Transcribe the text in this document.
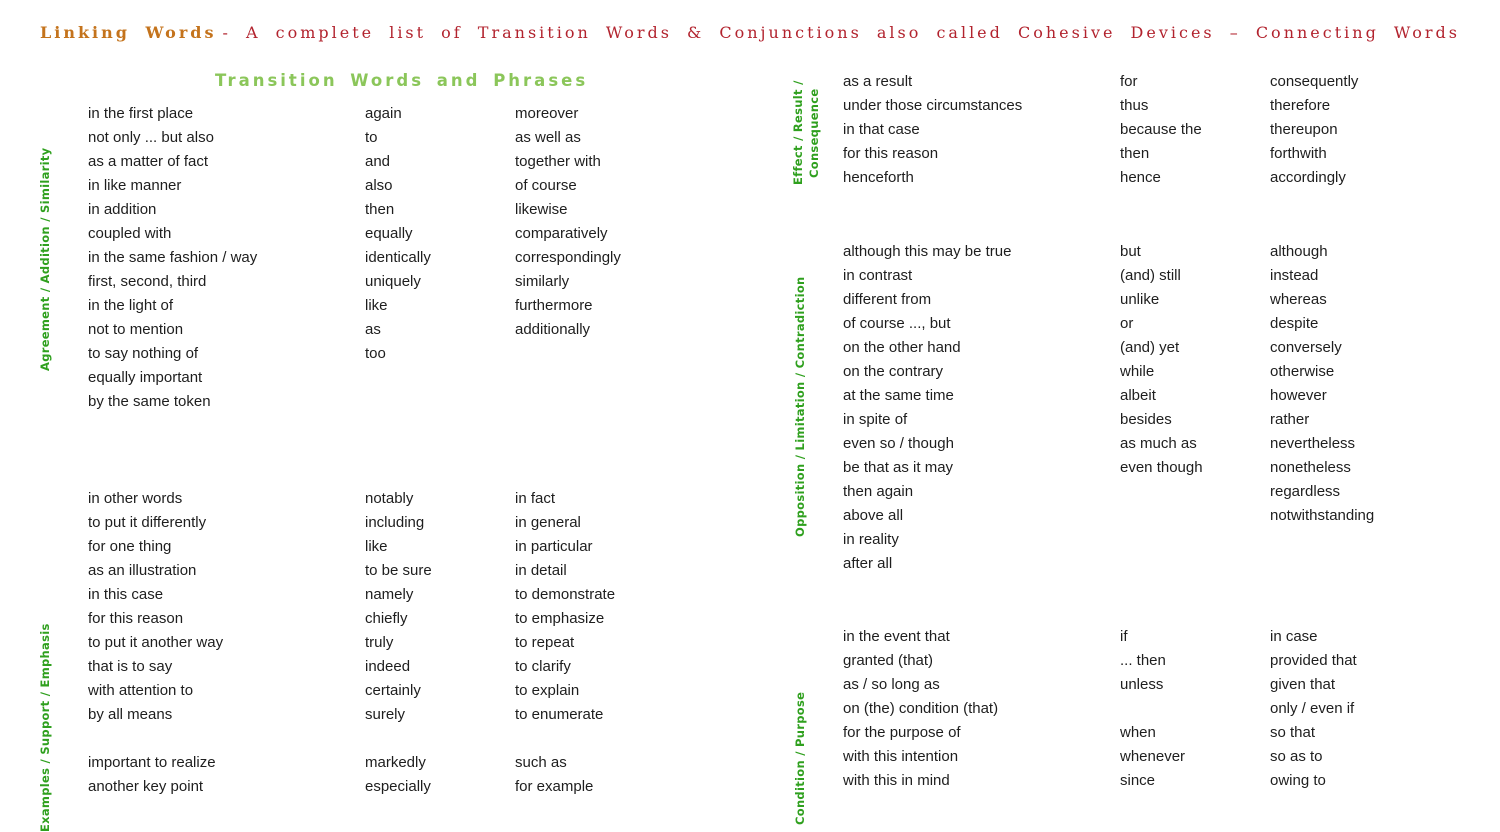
Linking Words - A complete list of Transition Words & Conjunctions also called Cohesive Devices – Connecting Words
Transition Words and Phrases
Agreement / Addition / Similarity
in the first place
not only ... but also
as a matter of fact
in like manner
in addition
coupled with
in the same fashion / way
first, second, third
in the light of
not to mention
to say nothing of
equally important
by the same token
again
to
and
also
then
equally
identically
uniquely
like
as
too
moreover
as well as
together with
of course
likewise
comparatively
correspondingly
similarly
furthermore
additionally
Examples / Support / Emphasis
in other words
to put it differently
for one thing
as an illustration
in this case
for this reason
to put it another way
that is to say
with attention to
by all means

important to realize
another key point
notably
including
like
to be sure
namely
chiefly
truly
indeed
certainly
surely

markedly
especially
in fact
in general
in particular
in detail
to demonstrate
to emphasize
to repeat
to clarify
to explain
to enumerate

such as
for example
Effect / Result / Consequence
as a result
under those circumstances
in that case
for this reason
henceforth
for
thus
because the
then
hence
consequently
therefore
thereupon
forthwith
accordingly
Opposition / Limitation / Contradiction
although this may be true
in contrast
different from
of course ..., but
on the other hand
on the contrary
at the same time
in spite of
even so / though
be that as it may
then again
above all
in reality
after all
but
(and) still
unlike
or
(and) yet
while
albeit
besides
as much as
even though
although
instead
whereas
despite
conversely
otherwise
however
rather
nevertheless
nonetheless
regardless
notwithstanding
Condition / Purpose
in the event that
granted (that)
as / so long as
on (the) condition (that)
for the purpose of
with this intention
with this in mind
if
... then
unless

when
whenever
since
in case
provided that
given that
only / even if
so that
so as to
owing to
